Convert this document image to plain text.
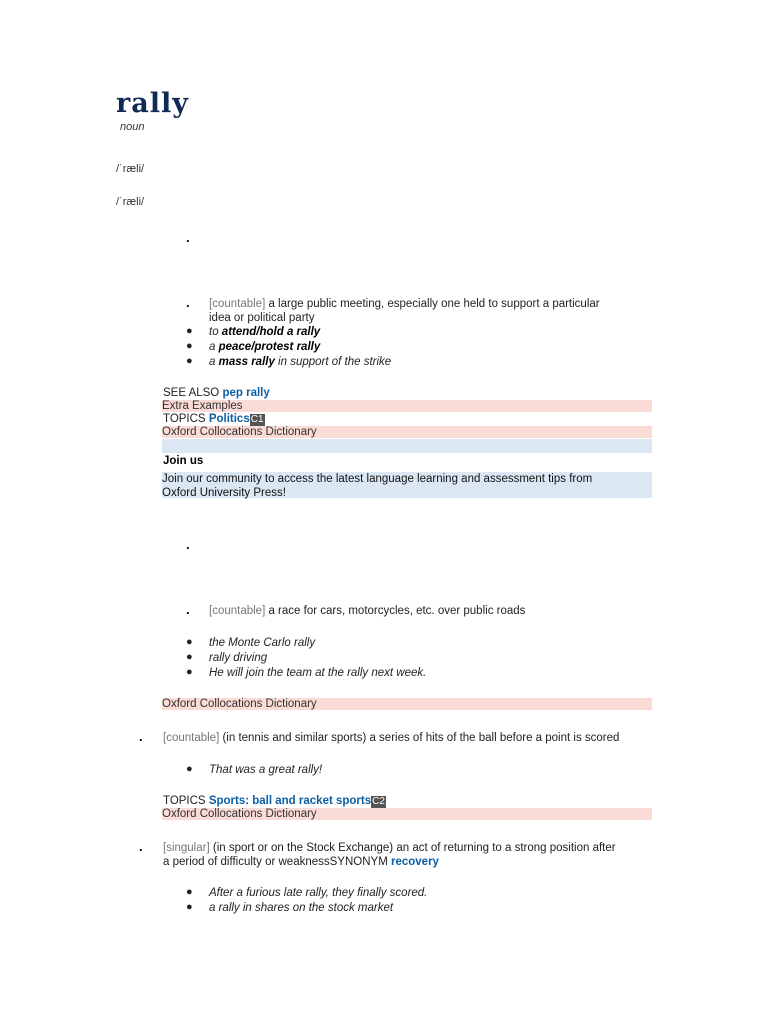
rally
noun
/ˈræli/
/ˈræli/
.
. [countable] a large public meeting, especially one held to support a particular
idea or political party
● to attend/hold a rally
● a peace/protest rally
● a mass rally in support of the strike
SEE ALSO pep rally
Extra Examples
TOPICS PoliticsC1
Oxford Collocations Dictionary
Join us
Join our community to access the latest language learning and assessment tips from
Oxford University Press!
.
. [countable] a race for cars, motorcycles, etc. over public roads
● the Monte Carlo rally
● rally driving
● He will join the team at the rally next week.
Oxford Collocations Dictionary
. [countable] (in tennis and similar sports) a series of hits of the ball before a point is scored
● That was a great rally!
TOPICS Sports: ball and racket sportsC2
Oxford Collocations Dictionary
. [singular] (in sport or on the Stock Exchange) an act of returning to a strong position after
a period of difficulty or weaknessSYNONYM recovery
● After a furious late rally, they finally scored.
● a rally in shares on the stock market
